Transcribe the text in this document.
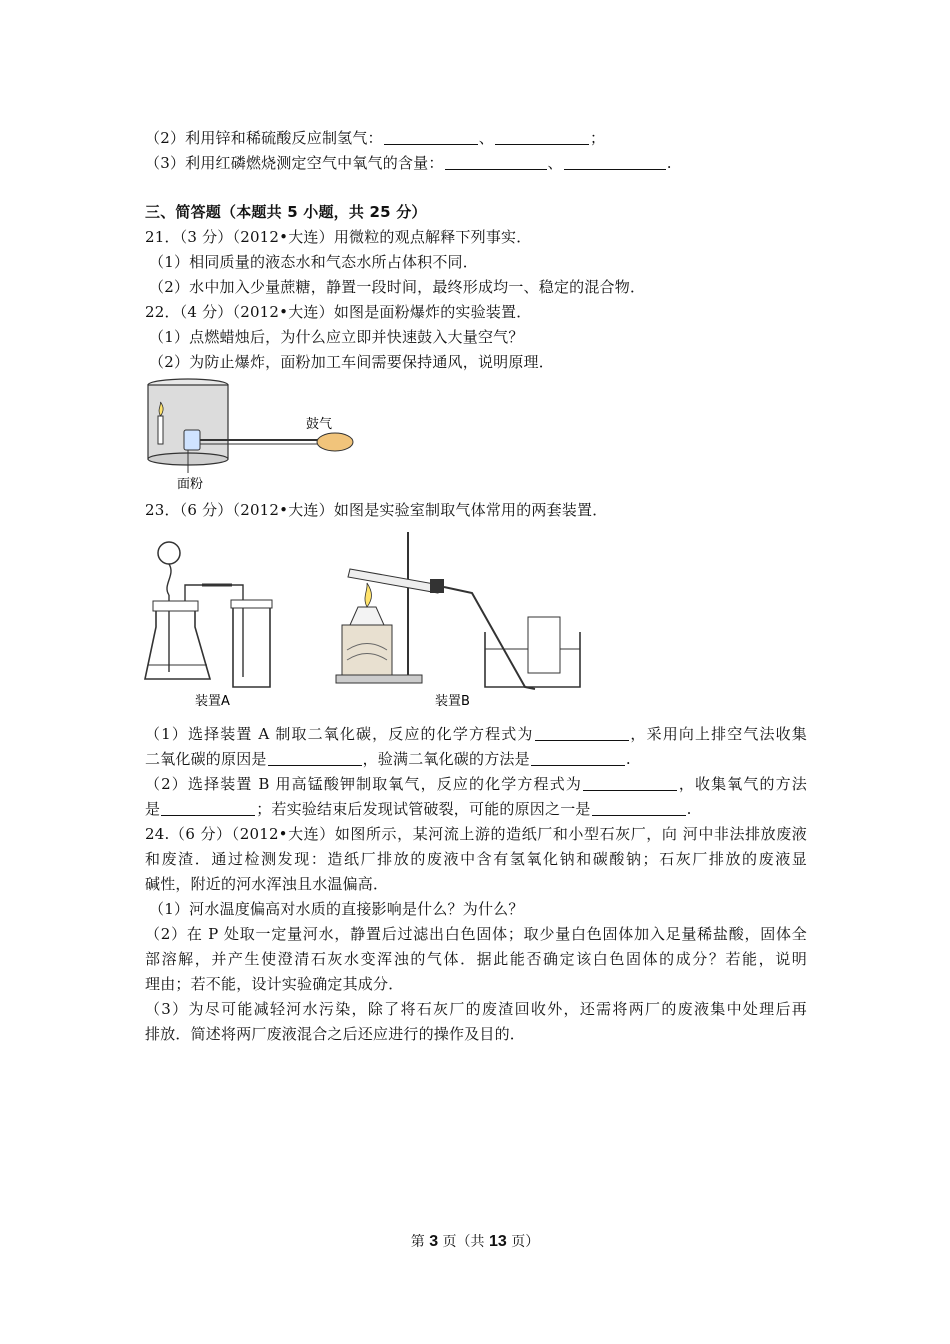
（2）利用锌和稀硫酸反应制氢气：	、	；
（3）利用红磷燃烧测定空气中氧气的含量：	、	.
三、简答题（本题共 5 小题，共 25 分）
21．（3 分）（2012•大连）用微粒的观点解释下列事实．
（1）相同质量的液态水和气态水所占体积不同．
（2）水中加入少量蔗糖，静置一段时间，最终形成均一、稳定的混合物．
22．（4 分）（2012•大连）如图是面粉爆炸的实验装置．
（1）点燃蜡烛后，为什么应立即并快速鼓入大量空气？
（2）为防止爆炸，面粉加工车间需要保持通风，说明原理．
鼓气
面粉
23．（6 分）（2012•大连）如图是实验室制取气体常用的两套装置．
装置A	装置B
（1）选择装置 A 制取二氧化碳，反应的化学方程式为	，采用向上排空气法收集
二氧化碳的原因是	，验满二氧化碳的方法是	.
（2）选择装置 B 用高锰酸钾制取氧气，反应的化学方程式为	，收集氧气的方法
是	；若实验结束后发现试管破裂，可能的原因之一是	.
24.（6 分）（2012•大连）如图所示，某河流上游的造纸厂和小型石灰厂，向 河中非法排放废液
和废渣．通过检测发现：造纸厂排放的废液中含有氢氧化钠和碳酸钠；石灰厂排放的废液显
碱性，附近的河水浑浊且水温偏高．
（1）河水温度偏高对水质的直接影响是什么？为什么？
（2）在 P 处取一定量河水，静置后过滤出白色固体；取少量白色固体加入足量稀盐酸，固体全
部溶解，并产生使澄清石灰水变浑浊的气体．据此能否确定该白色固体的成分？若能，说明
理由；若不能，设计实验确定其成分．
（3）为尽可能减轻河水污染，除了将石灰厂的废渣回收外，还需将两厂的废液集中处理后再
排放．简述将两厂废液混合之后还应进行的操作及目的．
第 3 页（共 13 页）
